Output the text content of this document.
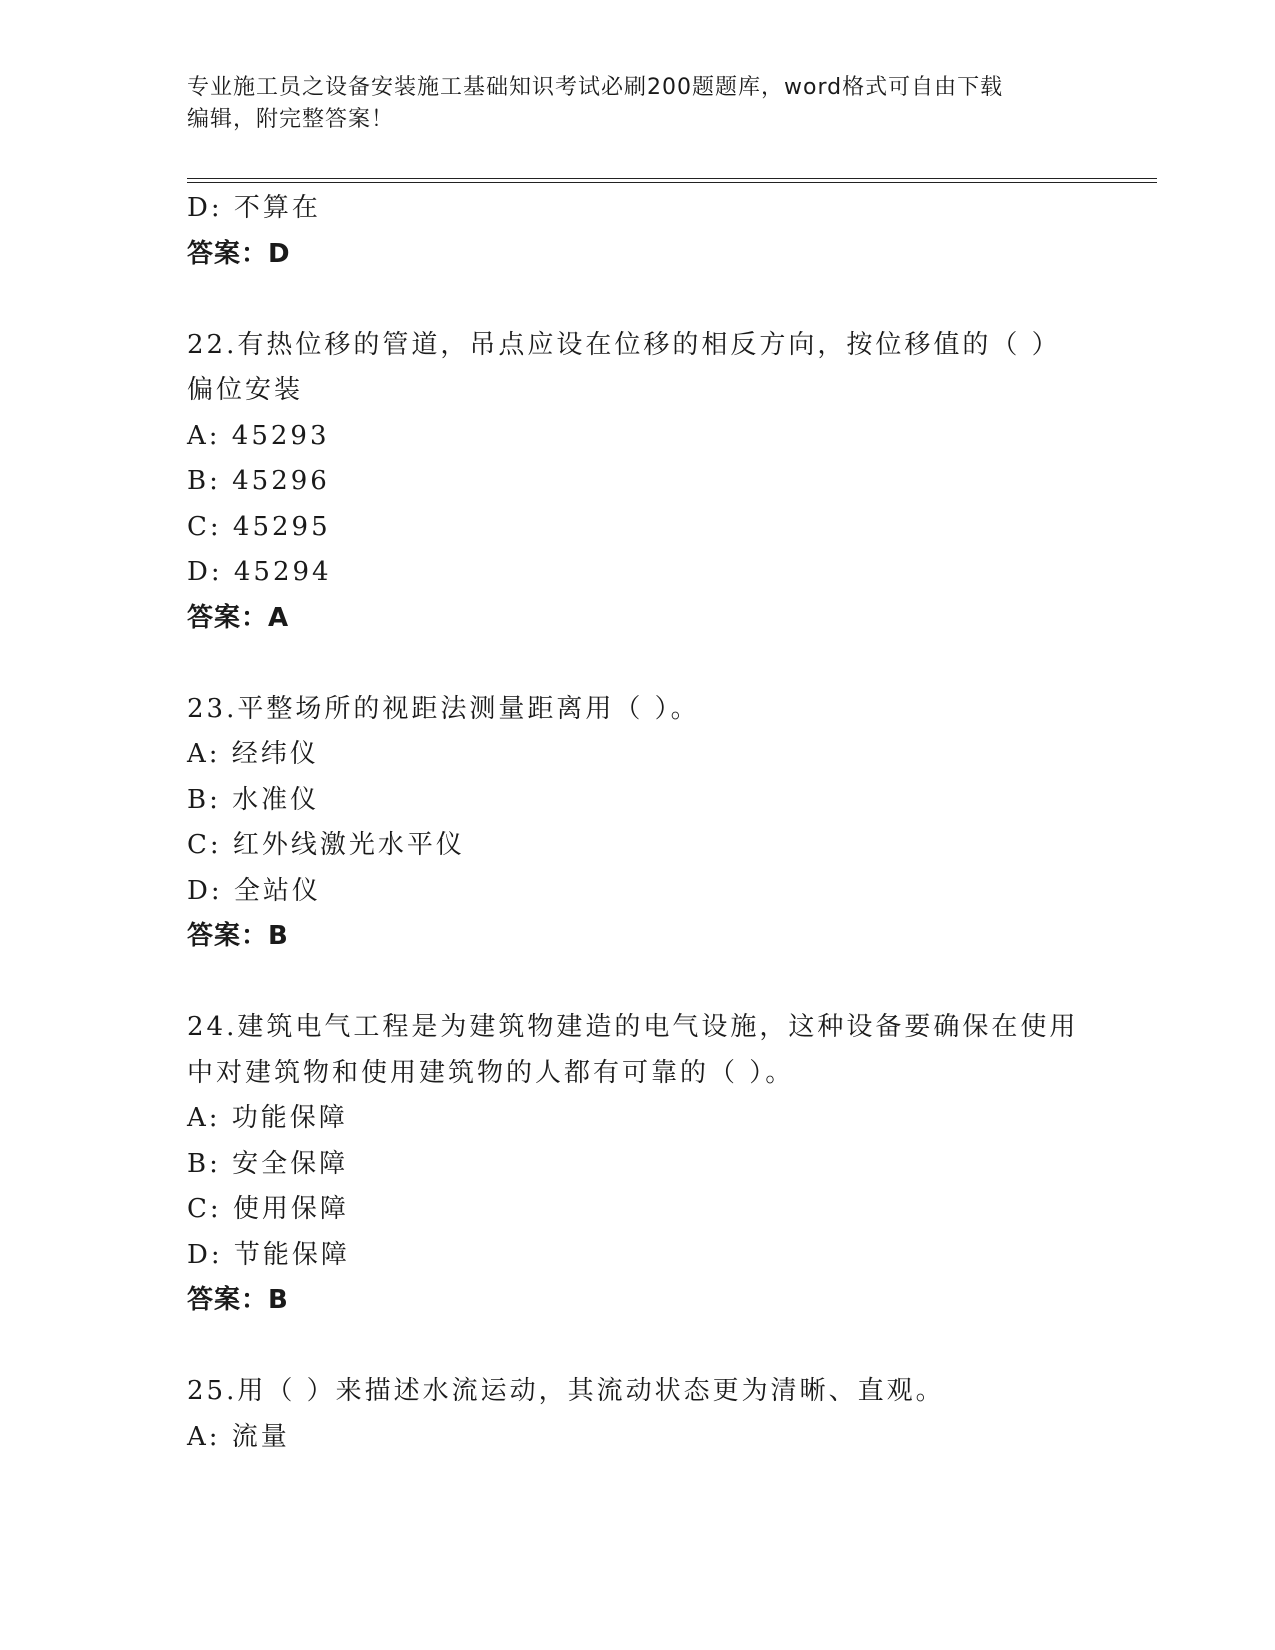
专业施工员之设备安装施工基础知识考试必刷200题题库，word格式可自由下载
编辑，附完整答案！
D: 不算在
答案：D
22.有热位移的管道，吊点应设在位移的相反方向，按位移值的（ ）
偏位安装
A: 45293
B: 45296
C: 45295
D: 45294
答案：A
23.平整场所的视距法测量距离用（ ）。
A: 经纬仪
B: 水准仪
C: 红外线激光水平仪
D: 全站仪
答案：B
24.建筑电气工程是为建筑物建造的电气设施，这种设备要确保在使用
中对建筑物和使用建筑物的人都有可靠的（ ）。
A: 功能保障
B: 安全保障
C: 使用保障
D: 节能保障
答案：B
25.用（ ）来描述水流运动，其流动状态更为清晰、直观。
A: 流量
